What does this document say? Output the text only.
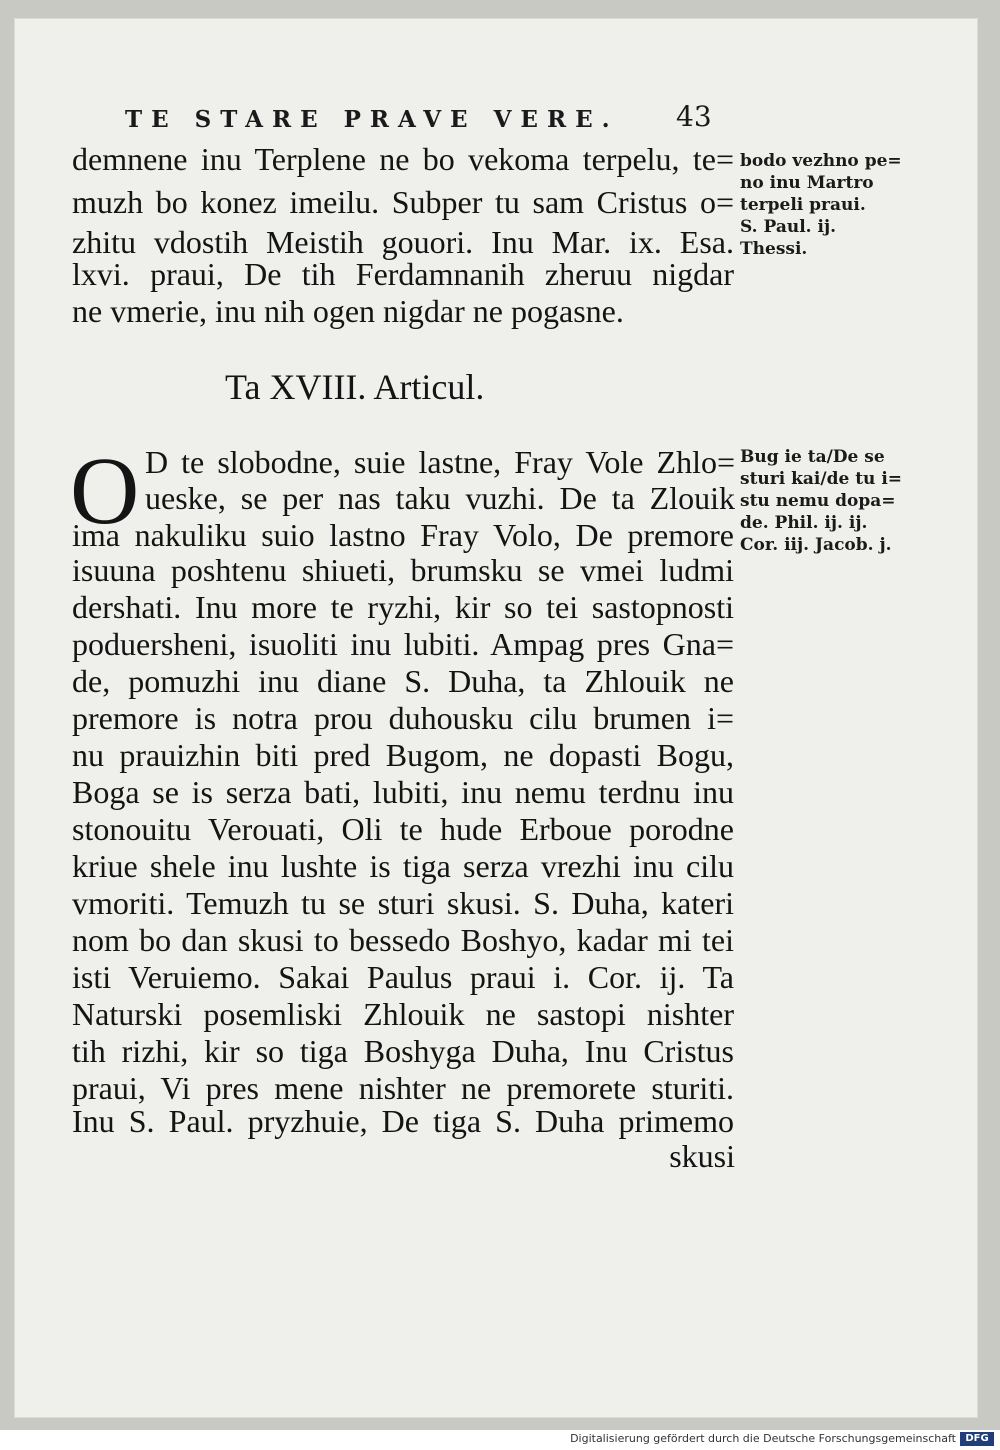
TE STARE PRAVE VERE.	43
demnene inu Terplene ne bo vekoma terpelu, te=
muzh bo konez imeilu. Subper tu sam Cristus o=
zhitu vdostih Meistih gouori. Inu Mar. ix. Esa.
lxvi. praui, De tih Ferdamnanih zheruu nigdar
ne vmerie, inu nih ogen nigdar ne pogasne.
bodo vezhno pe=
no inu Martro
terpeli praui.
S. Paul. ij.
Thessi.
Ta XVIII. Articul.
O D te slobodne, suie lastne, Fray Vole Zhlo=
ueske, se per nas taku vuzhi. De ta Zlouik
ima nakuliku suio lastno Fray Volo, De premore
isuuna poshtenu shiueti, brumsku se vmei ludmi
dershati. Inu more te ryzhi, kir so tei sastopnosti
poduersheni, isuoliti inu lubiti. Ampag pres Gna=
de, pomuzhi inu diane S. Duha, ta Zhlouik ne
premore is notra prou duhousku cilu brumen i=
nu prauizhin biti pred Bugom, ne dopasti Bogu,
Boga se is serza bati, lubiti, inu nemu terdnu inu
stonouitu Verouati, Oli te hude Erboue porodne
kriue shele inu lushte is tiga serza vrezhi inu cilu
vmoriti. Temuzh tu se sturi skusi. S. Duha, kateri
nom bo dan skusi to bessedo Boshyo, kadar mi tei
isti Veruiemo. Sakai Paulus praui i. Cor. ij. Ta
Naturski posemliski Zhlouik ne sastopi nishter
tih rizhi, kir so tiga Boshyga Duha, Inu Cristus
praui, Vi pres mene nishter ne premorete sturiti.
Inu S. Paul. pryzhuie, De tiga S. Duha primemo
skusi
Bug ie ta/De se
sturi kai/de tu i=
stu nemu dopa=
de. Phil. ij. ij.
Cor. iij. Jacob. j.
Digitalisierung gefördert durch die Deutsche Forschungsgemeinschaft DFG
